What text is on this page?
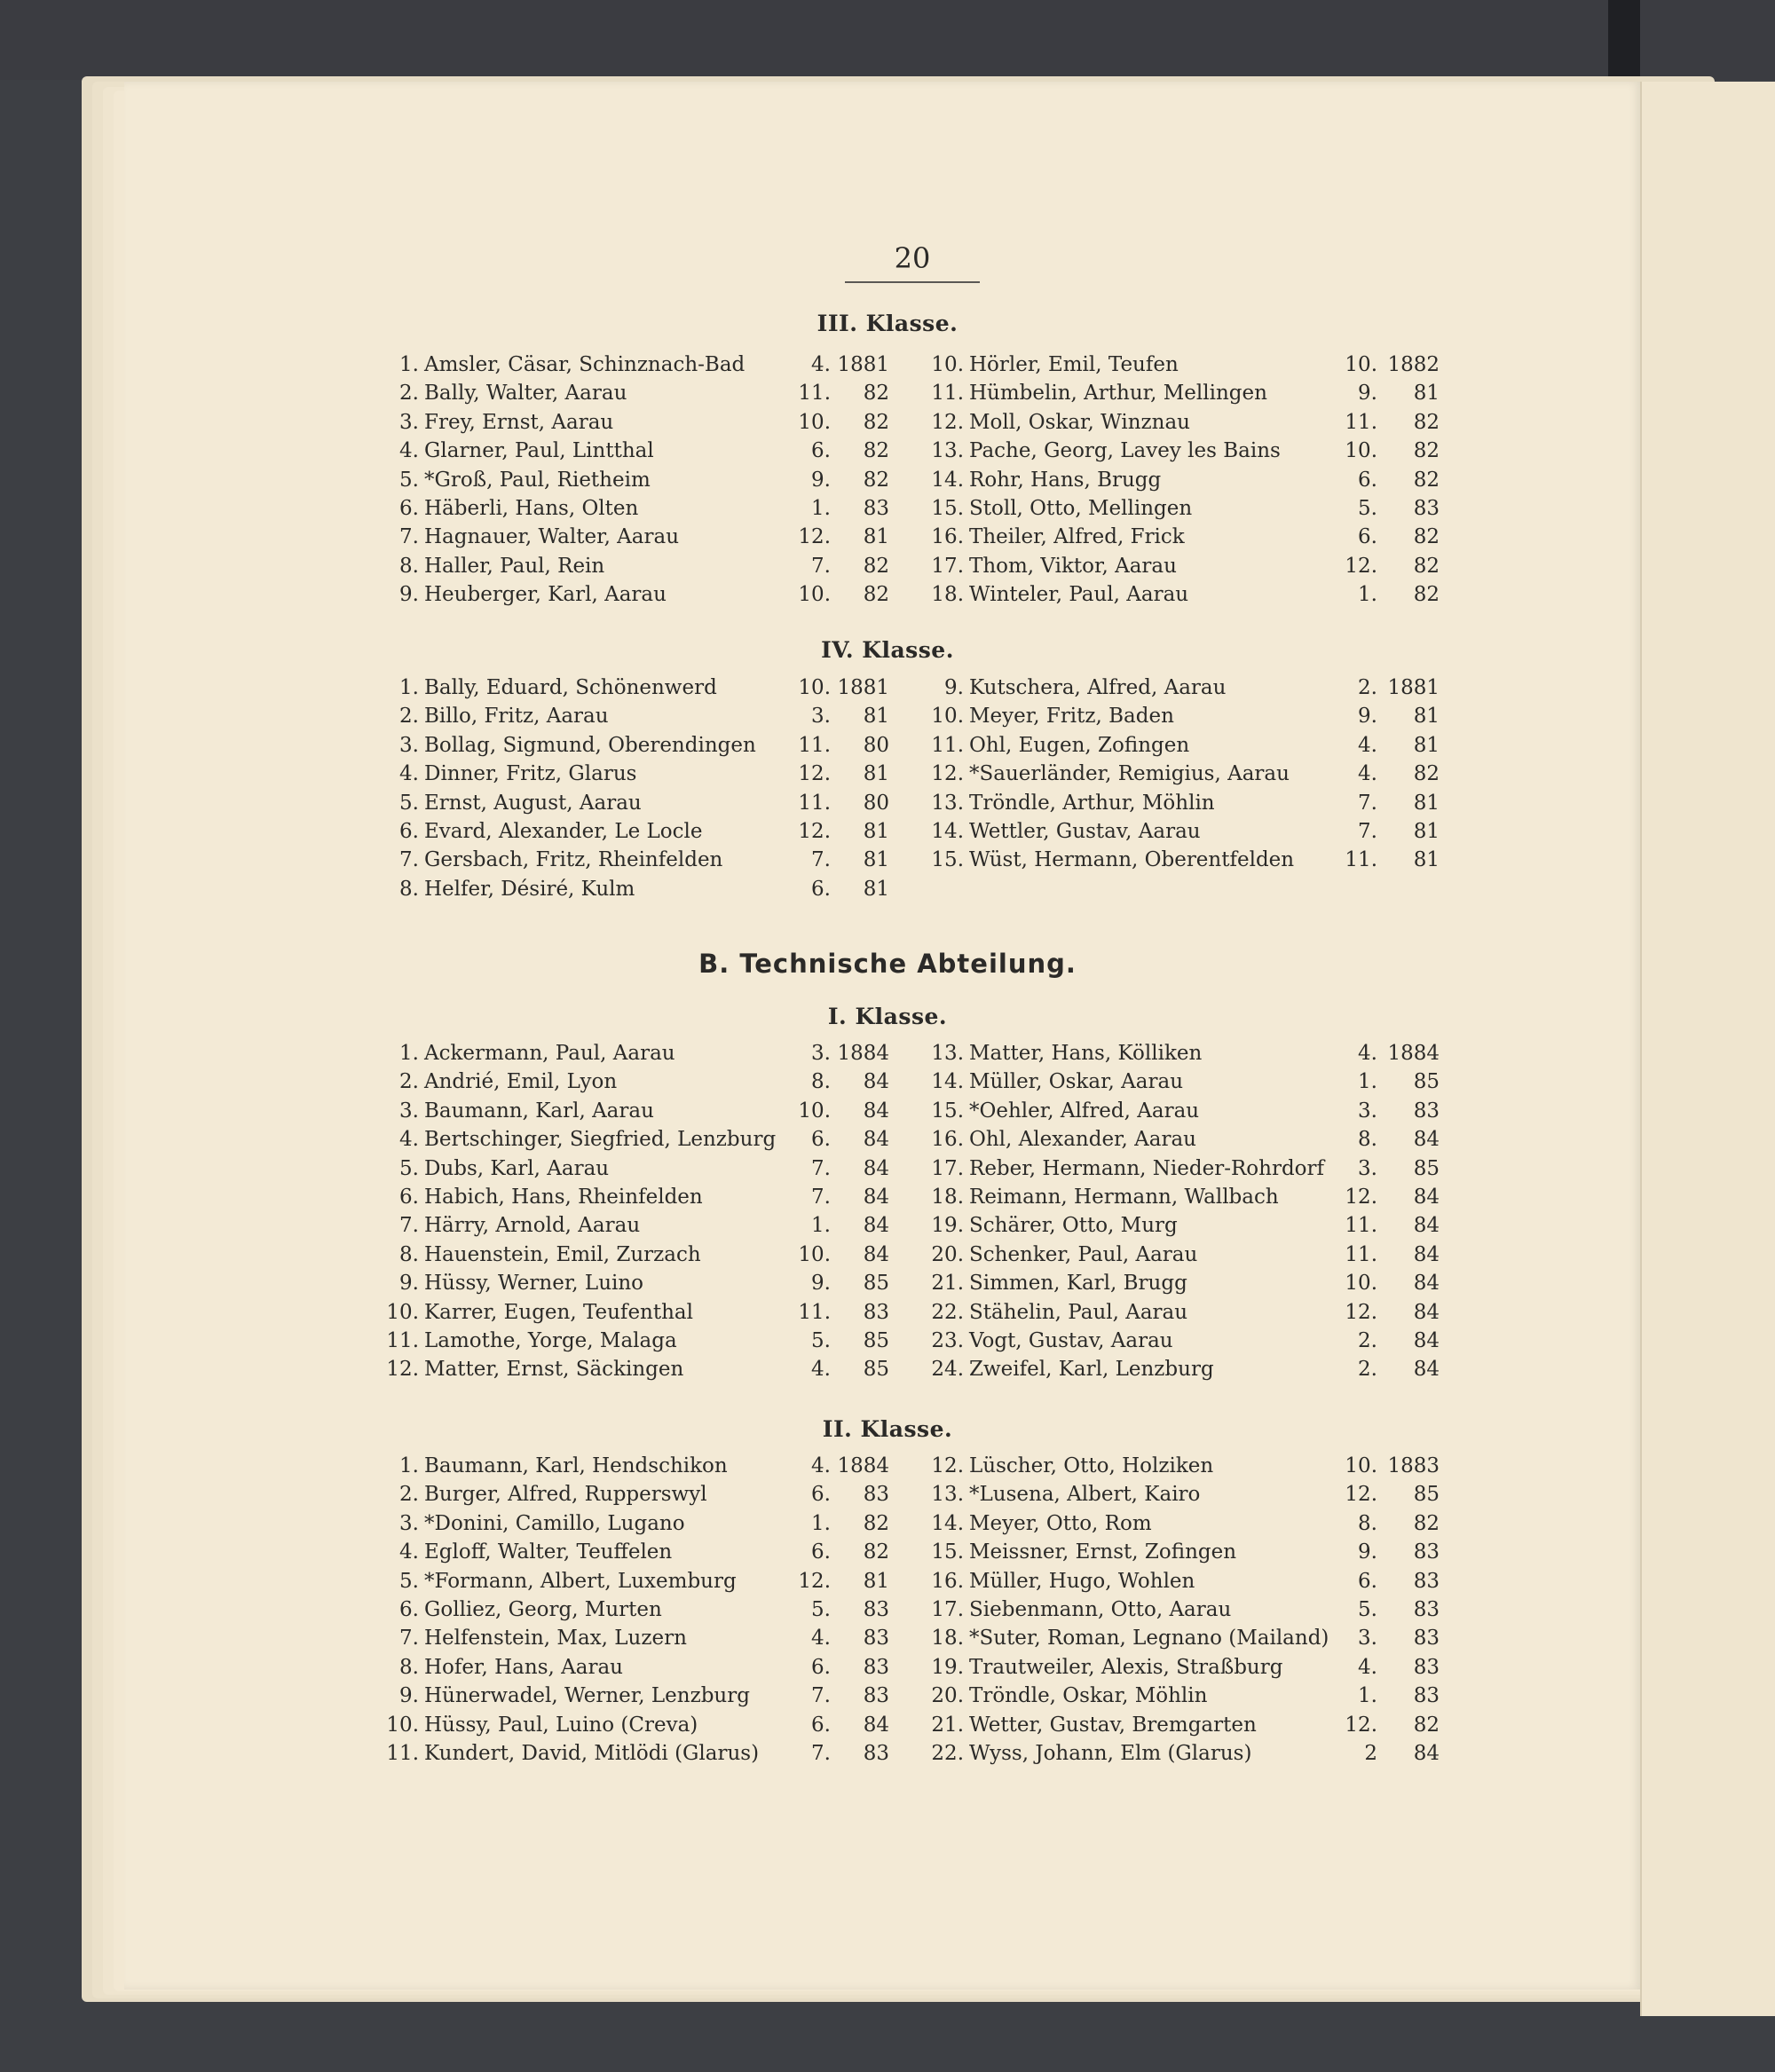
20
III. Klasse.
1. Amsler, Cäsar, Schinznach-Bad	4. 1881
2. Bally, Walter, Aarau	11.	82
3. Frey, Ernst, Aarau	10.	82
4. Glarner, Paul, Lintthal	6.	82
5. *Groß, Paul, Rietheim	9.	82
6. Häberli, Hans, Olten	1.	83
7. Hagnauer, Walter, Aarau	12.	81
8. Haller, Paul, Rein	7.	82
9. Heuberger, Karl, Aarau	10.	82
10. Hörler, Emil, Teufen	10. 1882
11. Hümbelin, Arthur, Mellingen	9.	81
12. Moll, Oskar, Winznau	11.	82
13. Pache, Georg, Lavey les Bains	10.	82
14. Rohr, Hans, Brugg	6.	82
15. Stoll, Otto, Mellingen	5.	83
16. Theiler, Alfred, Frick	6.	82
17. Thom, Viktor, Aarau	12.	82
18. Winteler, Paul, Aarau	1.	82
IV. Klasse.
1. Bally, Eduard, Schönenwerd	10. 1881
2. Billo, Fritz, Aarau	3.	81
3. Bollag, Sigmund, Oberendingen	11.	80
4. Dinner, Fritz, Glarus	12.	81
5. Ernst, August, Aarau	11.	80
6. Evard, Alexander, Le Locle	12.	81
7. Gersbach, Fritz, Rheinfelden	7.	81
8. Helfer, Désiré, Kulm	6.	81
9. Kutschera, Alfred, Aarau	2. 1881
10. Meyer, Fritz, Baden	9.	81
11. Ohl, Eugen, Zofingen	4.	81
12. *Sauerländer, Remigius, Aarau	4.	82
13. Tröndle, Arthur, Möhlin	7.	81
14. Wettler, Gustav, Aarau	7.	81
15. Wüst, Hermann, Oberentfelden	11.	81
B. Technische Abteilung.
I. Klasse.
1. Ackermann, Paul, Aarau	3. 1884
2. Andrié, Emil, Lyon	8.	84
3. Baumann, Karl, Aarau	10.	84
4. Bertschinger, Siegfried, Lenzburg	6.	84
5. Dubs, Karl, Aarau	7.	84
6. Habich, Hans, Rheinfelden	7.	84
7. Härry, Arnold, Aarau	1.	84
8. Hauenstein, Emil, Zurzach	10.	84
9. Hüssy, Werner, Luino	9.	85
10. Karrer, Eugen, Teufenthal	11.	83
11. Lamothe, Yorge, Malaga	5.	85
12. Matter, Ernst, Säckingen	4.	85
13. Matter, Hans, Kölliken	4. 1884
14. Müller, Oskar, Aarau	1.	85
15. *Oehler, Alfred, Aarau	3.	83
16. Ohl, Alexander, Aarau	8.	84
17. Reber, Hermann, Nieder-Rohrdorf	3.	85
18. Reimann, Hermann, Wallbach	12.	84
19. Schärer, Otto, Murg	11.	84
20. Schenker, Paul, Aarau	11.	84
21. Simmen, Karl, Brugg	10.	84
22. Stähelin, Paul, Aarau	12.	84
23. Vogt, Gustav, Aarau	2.	84
24. Zweifel, Karl, Lenzburg	2.	84
II. Klasse.
1. Baumann, Karl, Hendschikon	4. 1884
2. Burger, Alfred, Rupperswyl	6.	83
3. *Donini, Camillo, Lugano	1.	82
4. Egloff, Walter, Teuffelen	6.	82
5. *Formann, Albert, Luxemburg	12.	81
6. Golliez, Georg, Murten	5.	83
7. Helfenstein, Max, Luzern	4.	83
8. Hofer, Hans, Aarau	6.	83
9. Hünerwadel, Werner, Lenzburg	7.	83
10. Hüssy, Paul, Luino (Creva)	6.	84
11. Kundert, David, Mitlödi (Glarus)	7.	83
12. Lüscher, Otto, Holziken	10. 1883
13. *Lusena, Albert, Kairo	12.	85
14. Meyer, Otto, Rom	8.	82
15. Meissner, Ernst, Zofingen	9.	83
16. Müller, Hugo, Wohlen	6.	83
17. Siebenmann, Otto, Aarau	5.	83
18. *Suter, Roman, Legnano (Mailand)	3.	83
19. Trautweiler, Alexis, Straßburg	4.	83
20. Tröndle, Oskar, Möhlin	1.	83
21. Wetter, Gustav, Bremgarten	12.	82
22. Wyss, Johann, Elm (Glarus)	2	84
